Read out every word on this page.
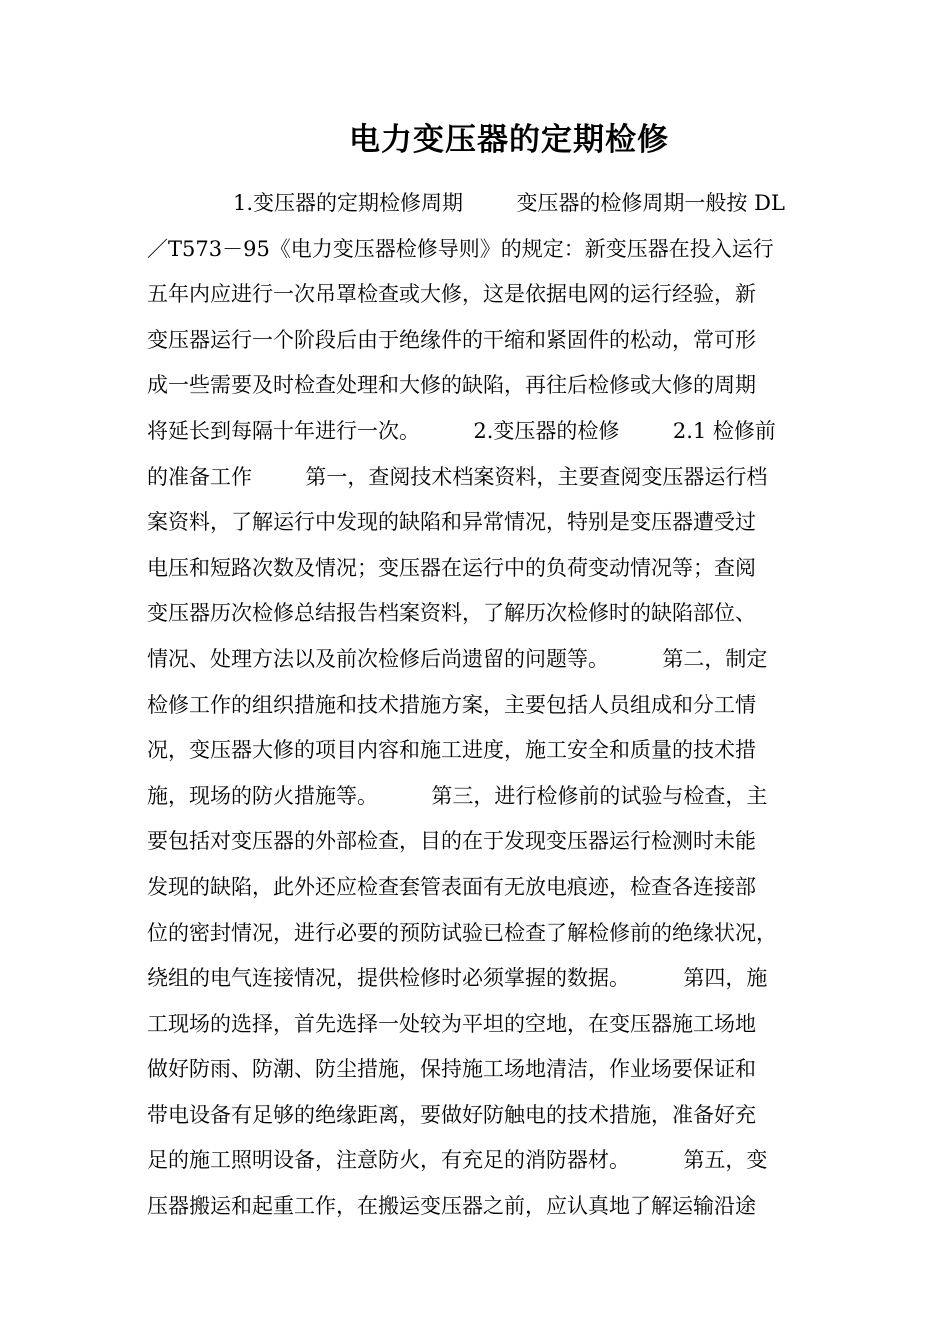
电力变压器的定期检修
1.变压器的定期检修周期        变压器的检修周期一般按 DL
／T573－95《电力变压器检修导则》的规定：新变压器在投入运行
五年内应进行一次吊罩检查或大修，这是依据电网的运行经验，新
变压器运行一个阶段后由于绝缘件的干缩和紧固件的松动，常可形
成一些需要及时检查处理和大修的缺陷，再往后检修或大修的周期
将延长到每隔十年进行一次。        2.变压器的检修        2.1 检修前
的准备工作        第一，查阅技术档案资料，主要查阅变压器运行档
案资料，了解运行中发现的缺陷和异常情况，特别是变压器遭受过
电压和短路次数及情况；变压器在运行中的负荷变动情况等；查阅
变压器历次检修总结报告档案资料，了解历次检修时的缺陷部位、
情况、处理方法以及前次检修后尚遗留的问题等。        第二，制定
检修工作的组织措施和技术措施方案，主要包括人员组成和分工情
况，变压器大修的项目内容和施工进度，施工安全和质量的技术措
施，现场的防火措施等。        第三，进行检修前的试验与检查，主
要包括对变压器的外部检查，目的在于发现变压器运行检测时未能
发现的缺陷，此外还应检查套管表面有无放电痕迹，检查各连接部
位的密封情况，进行必要的预防试验已检查了解检修前的绝缘状况，
绕组的电气连接情况，提供检修时必须掌握的数据。        第四，施
工现场的选择，首先选择一处较为平坦的空地，在变压器施工场地
做好防雨、防潮、防尘措施，保持施工场地清洁，作业场要保证和
带电设备有足够的绝缘距离，要做好防触电的技术措施，准备好充
足的施工照明设备，注意防火，有充足的消防器材。        第五，变
压器搬运和起重工作，在搬运变压器之前，应认真地了解运输沿途
